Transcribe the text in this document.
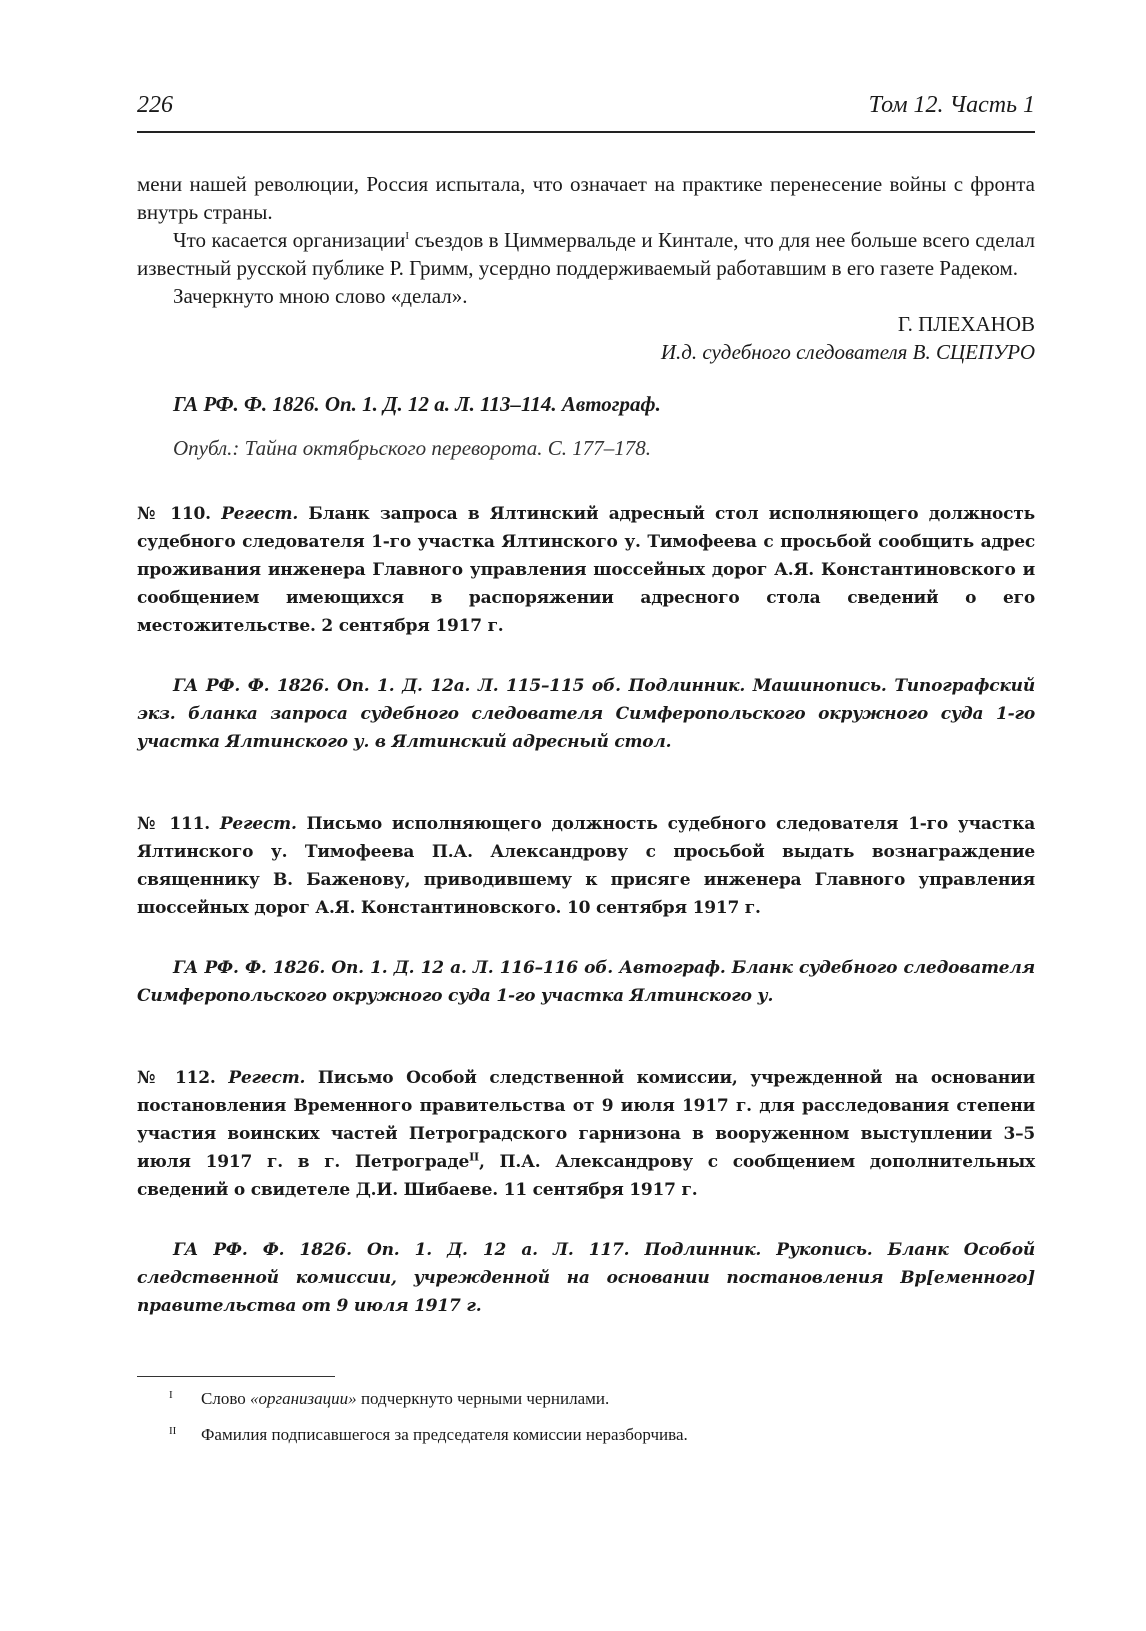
226	Том 12. Часть 1

мени нашей революции, Россия испытала, что означает на практике перенесение войны с фронта внутрь страны.

Что касается организации$^I$ съездов в Циммервальде и Кинтале, что для нее больше всего сделал известный русской публике Р. Гримм, усердно поддерживаемый работавшим в его газете Радеком.

Зачеркнуто мною слово «делал».

Г. ПЛЕХАНОВ

И.д. судебного следователя В. СЦЕПУРО

ГА РФ. Ф. 1826. Оп. 1. Д. 12 а. Л. 113–114. Автограф.

Опубл.: Тайна октябрьского переворота. С. 177–178.

№ 110. Регест. Бланк запроса в Ялтинский адресный стол исполняющего должность судебного следователя 1-го участка Ялтинского у. Тимофеева с просьбой сообщить адрес проживания инженера Главного управления шоссейных дорог А.Я. Константиновского и сообщением имеющихся в распоряжении адресного стола сведений о его местожительстве. 2 сентября 1917 г.

ГА РФ. Ф. 1826. Оп. 1. Д. 12а. Л. 115–115 об. Подлинник. Машинопись. Типографский экз. бланка запроса судебного следователя Симферопольского окружного суда 1-го участка Ялтинского у. в Ялтинский адресный стол.

№ 111. Регест. Письмо исполняющего должность судебного следователя 1-го участка Ялтинского у. Тимофеева П.А. Александрову с просьбой выдать вознаграждение священнику В. Баженову, приводившему к присяге инженера Главного управления шоссейных дорог А.Я. Константиновского. 10 сентября 1917 г.

ГА РФ. Ф. 1826. Оп. 1. Д. 12 а. Л. 116–116 об. Автограф. Бланк судебного следователя Симферопольского окружного суда 1-го участка Ялтинского у.

№ 112. Регест. Письмо Особой следственной комиссии, учрежденной на основании постановления Временного правительства от 9 июля 1917 г. для расследования степени участия воинских частей Петроградского гарнизона в вооруженном выступлении 3–5 июля 1917 г. в г. Петрограде$^{II}$, П.А. Александрову с сообщением дополнительных сведений о свидетеле Д.И. Шибаеве. 11 сентября 1917 г.

ГА РФ. Ф. 1826. Оп. 1. Д. 12 а. Л. 117. Подлинник. Рукопись. Бланк Особой следственной комиссии, учрежденной на основании постановления Вр[еменного] правительства от 9 июля 1917 г.

I Слово «организации» подчеркнуто черными чернилами.
II Фамилия подписавшегося за председателя комиссии неразборчива.
